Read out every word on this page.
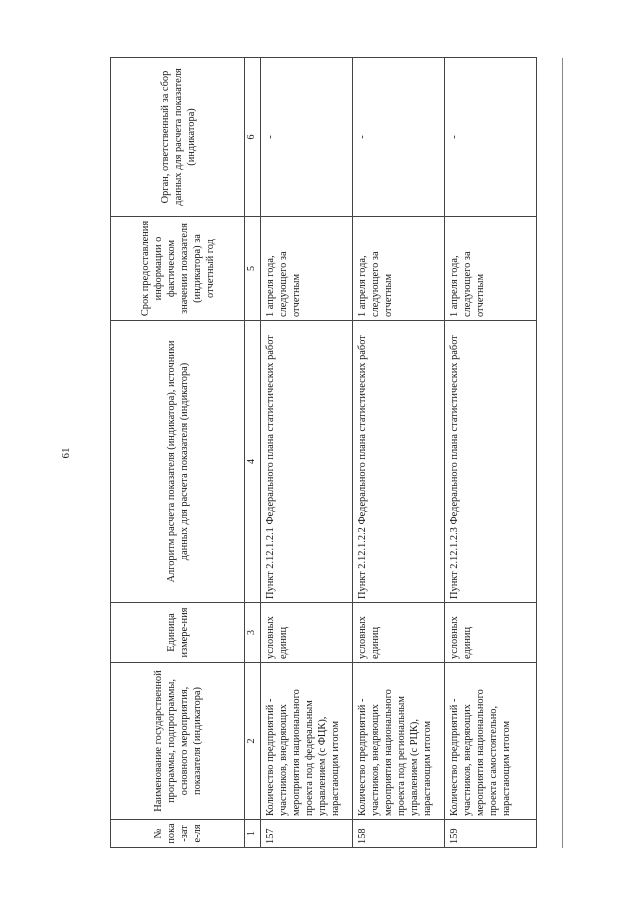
61
№ пока-зате-ля	Наименование государственной программы, подпрограммы, основного мероприятия, показателя (индикатора)	Единица измере-ния	Алгоритм расчета показателя (индикатора), источники данных для расчета показателя (индикатора)	Срок предоставления информации о фактическом значении показателя (индикатора) за отчетный год	Орган, ответственный за сбор данных для расчета показателя (индикатора)
1	2	3	4	5	6
157	Количество предприятий - участников, внедряющих мероприятия национального проекта под федеральным управлением (с ФЦК), нарастающим итогом	условных единиц	Пункт 2.12.1.2.1 Федерального плана статистических работ	1 апреля года, следующего за отчетным	-
158	Количество предприятий - участников, внедряющих мероприятия национального проекта под региональным управлением (с РЦК), нарастающим итогом	условных единиц	Пункт 2.12.1.2.2 Федерального плана статистических работ	1 апреля года, следующего за отчетным	-
159	Количество предприятий - участников, внедряющих мероприятия национального проекта самостоятельно, нарастающим итогом	условных единиц	Пункт 2.12.1.2.3 Федерального плана статистических работ	1 апреля года, следующего за отчетным	-
